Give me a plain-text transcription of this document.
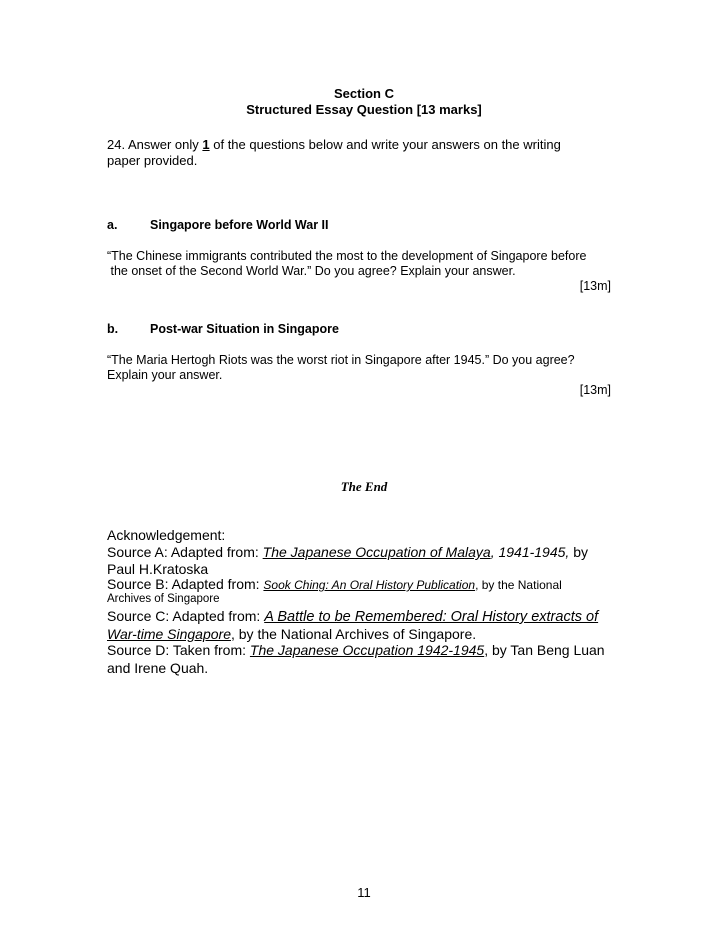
Section C
Structured Essay Question [13 marks]
24. Answer only 1 of the questions below and write your answers on the writing
paper provided.
a.	Singapore before World War II
“The Chinese immigrants contributed the most to the development of Singapore before
the onset of the Second World War.” Do you agree? Explain your answer.
[13m]
b.	Post-war Situation in Singapore
“The Maria Hertogh Riots was the worst riot in Singapore after 1945.” Do you agree?
Explain your answer.
[13m]
The End
Acknowledgement:
Source A: Adapted from: The Japanese Occupation of Malaya, 1941-1945, by
Paul H.Kratoska
Source B: Adapted from: Sook Ching: An Oral History Publication, by the National
Archives of Singapore
Source C: Adapted from: A Battle to be Remembered: Oral History extracts of
War-time Singapore, by the National Archives of Singapore.
Source D: Taken from: The Japanese Occupation 1942-1945, by Tan Beng Luan
and Irene Quah.
11
